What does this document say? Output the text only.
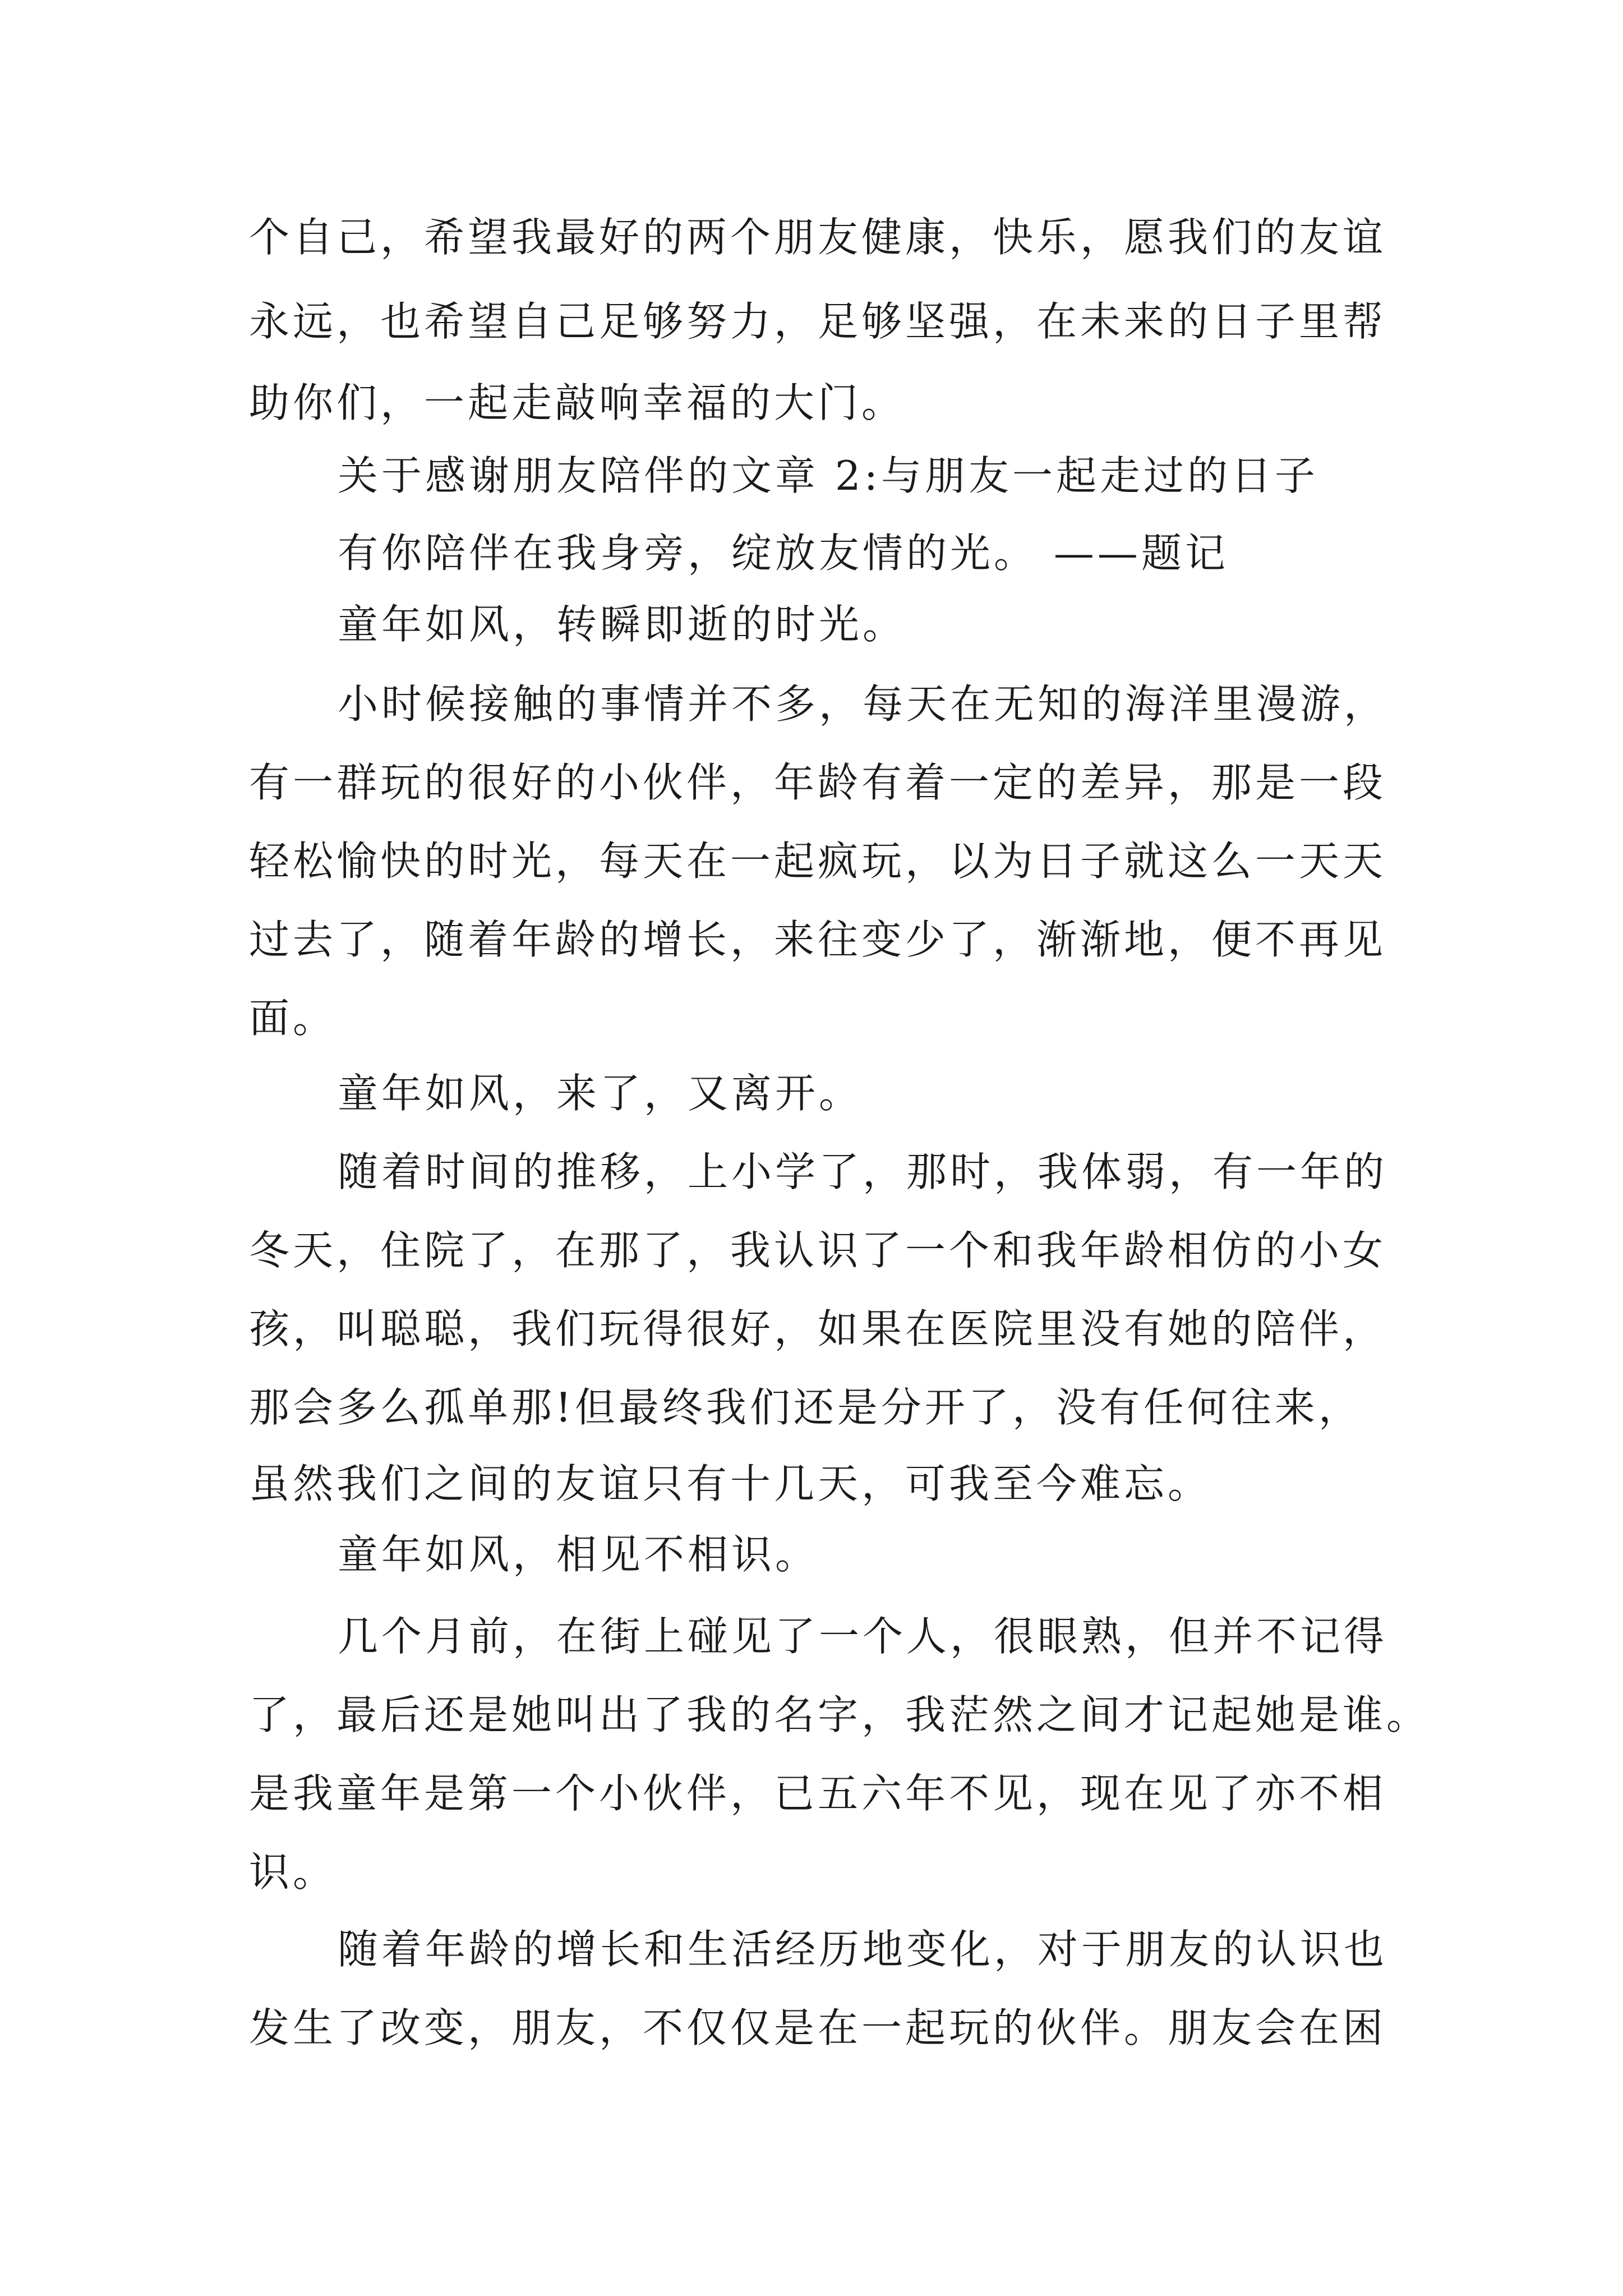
个自己，希望我最好的两个朋友健康，快乐，愿我们的友谊
永远，也希望自己足够努力，足够坚强，在未来的日子里帮
助你们，一起走敲响幸福的大门。
关于感谢朋友陪伴的文章 2:与朋友一起走过的日子
有你陪伴在我身旁，绽放友情的光。 ——题记
童年如风，转瞬即逝的时光。
小时候接触的事情并不多，每天在无知的海洋里漫游，
有一群玩的很好的小伙伴，年龄有着一定的差异，那是一段
轻松愉快的时光，每天在一起疯玩，以为日子就这么一天天
过去了，随着年龄的增长，来往变少了，渐渐地，便不再见
面。
童年如风，来了，又离开。
随着时间的推移，上小学了，那时，我体弱，有一年的
冬天，住院了，在那了，我认识了一个和我年龄相仿的小女
孩，叫聪聪，我们玩得很好，如果在医院里没有她的陪伴，
那会多么孤单那!但最终我们还是分开了，没有任何往来，
虽然我们之间的友谊只有十几天，可我至今难忘。
童年如风，相见不相识。
几个月前，在街上碰见了一个人，很眼熟，但并不记得
了，最后还是她叫出了我的名字，我茫然之间才记起她是谁。
是我童年是第一个小伙伴，已五六年不见，现在见了亦不相
识。
随着年龄的增长和生活经历地变化，对于朋友的认识也
发生了改变，朋友，不仅仅是在一起玩的伙伴。朋友会在困
